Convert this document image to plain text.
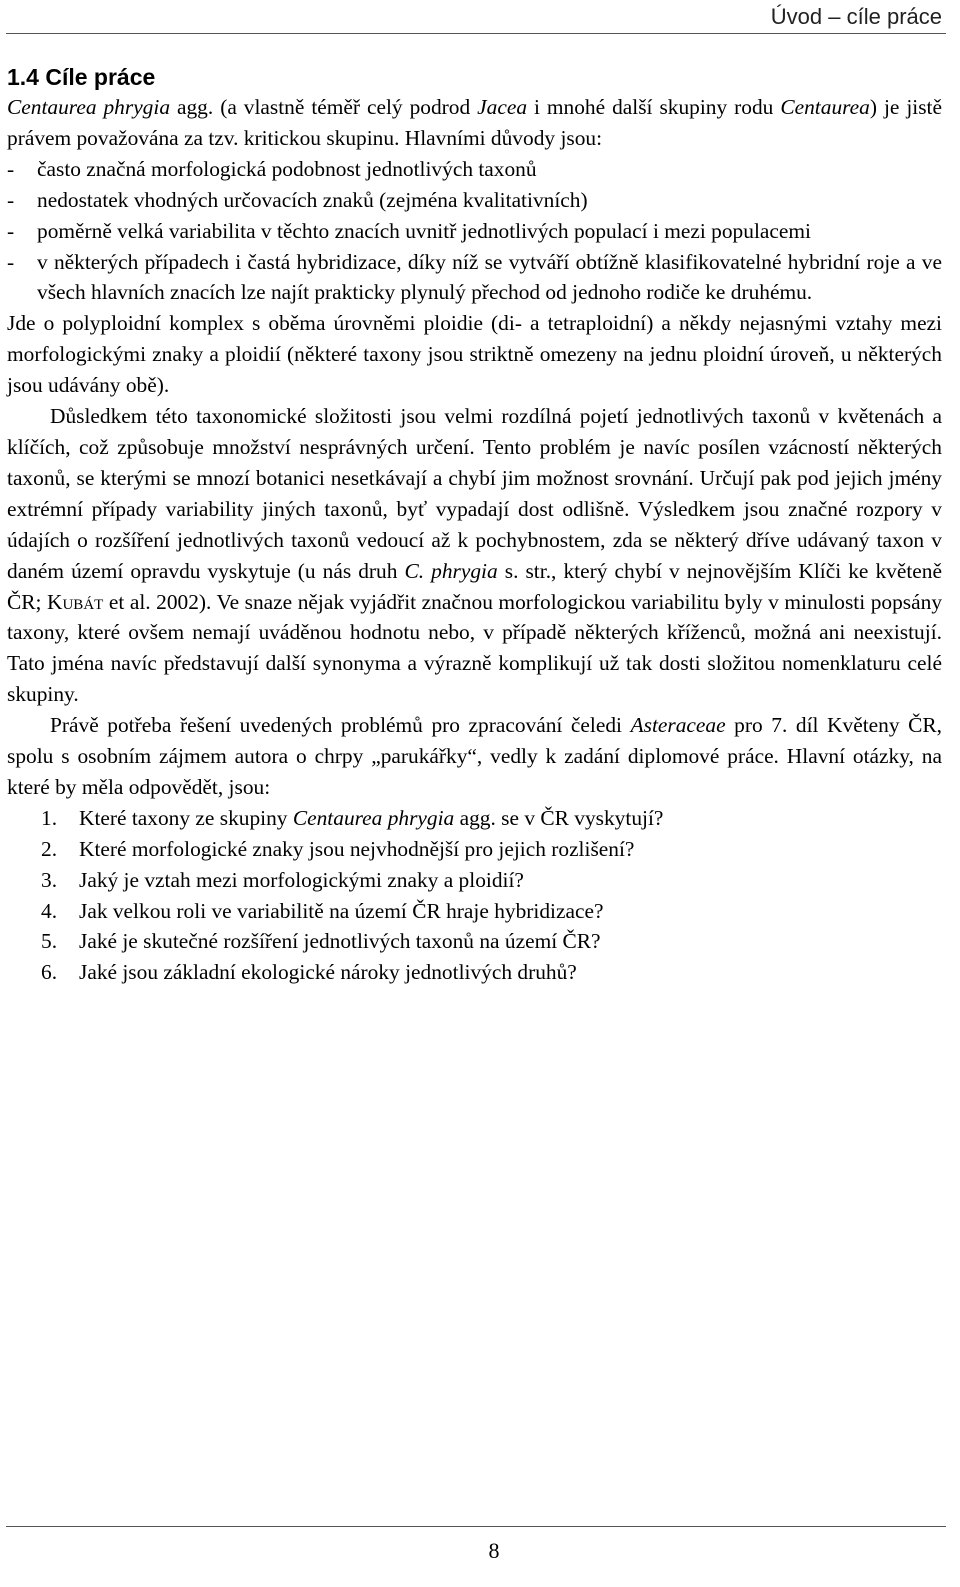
Úvod – cíle práce
1.4 Cíle práce

Centaurea phrygia agg. (a vlastně téměř celý podrod Jacea i mnohé další skupiny rodu Centaurea) je jistě právem považována za tzv. kritickou skupinu. Hlavními důvody jsou:

- často značná morfologická podobnost jednotlivých taxonů
- nedostatek vhodných určovacích znaků (zejména kvalitativních)
- poměrně velká variabilita v těchto znacích uvnitř jednotlivých populací i mezi populacemi
- v některých případech i častá hybridizace, díky níž se vytváří obtížně klasifikovatelné hybridní roje a ve všech hlavních znacích lze najít prakticky plynulý přechod od jednoho rodiče ke druhému.

Jde o polyploidní komplex s oběma úrovněmi ploidie (di- a tetraploidní) a někdy nejasnými vztahy mezi morfologickými znaky a ploidií (některé taxony jsou striktně omezeny na jednu ploidní úroveň, u některých jsou udávány obě).

Důsledkem této taxonomické složitosti jsou velmi rozdílná pojetí jednotlivých taxonů v květenách a klíčích, což způsobuje množství nesprávných určení. Tento problém je navíc posílen vzácností některých taxonů, se kterými se mnozí botanici nesetkávají a chybí jim možnost srovnání. Určují pak pod jejich jmény extrémní případy variability jiných taxonů, byť vypadají dost odlišně. Výsledkem jsou značné rozpory v údajích o rozšíření jednotlivých taxonů vedoucí až k pochybnostem, zda se některý dříve udávaný taxon v daném území opravdu vyskytuje (u nás druh C. phrygia s. str., který chybí v nejnovějším Klíči ke květeně ČR; Kubát et al. 2002). Ve snaze nějak vyjádřit značnou morfologickou variabilitu byly v minulosti popsány taxony, které ovšem nemají uváděnou hodnotu nebo, v případě některých kříženců, možná ani neexistují. Tato jména navíc představují další synonyma a výrazně komplikují už tak dosti složitou nomenklaturu celé skupiny.

Právě potřeba řešení uvedených problémů pro zpracování čeledi Asteraceae pro 7. díl Květeny ČR, spolu s osobním zájmem autora o chrpy „parukářky“, vedly k zadání diplomové práce. Hlavní otázky, na které by měla odpovědět, jsou:

1. Které taxony ze skupiny Centaurea phrygia agg. se v ČR vyskytují?
2. Které morfologické znaky jsou nejvhodnější pro jejich rozlišení?
3. Jaký je vztah mezi morfologickými znaky a ploidií?
4. Jak velkou roli ve variabilitě na území ČR hraje hybridizace?
5. Jaké je skutečné rozšíření jednotlivých taxonů na území ČR?
6. Jaké jsou základní ekologické nároky jednotlivých druhů?
8
